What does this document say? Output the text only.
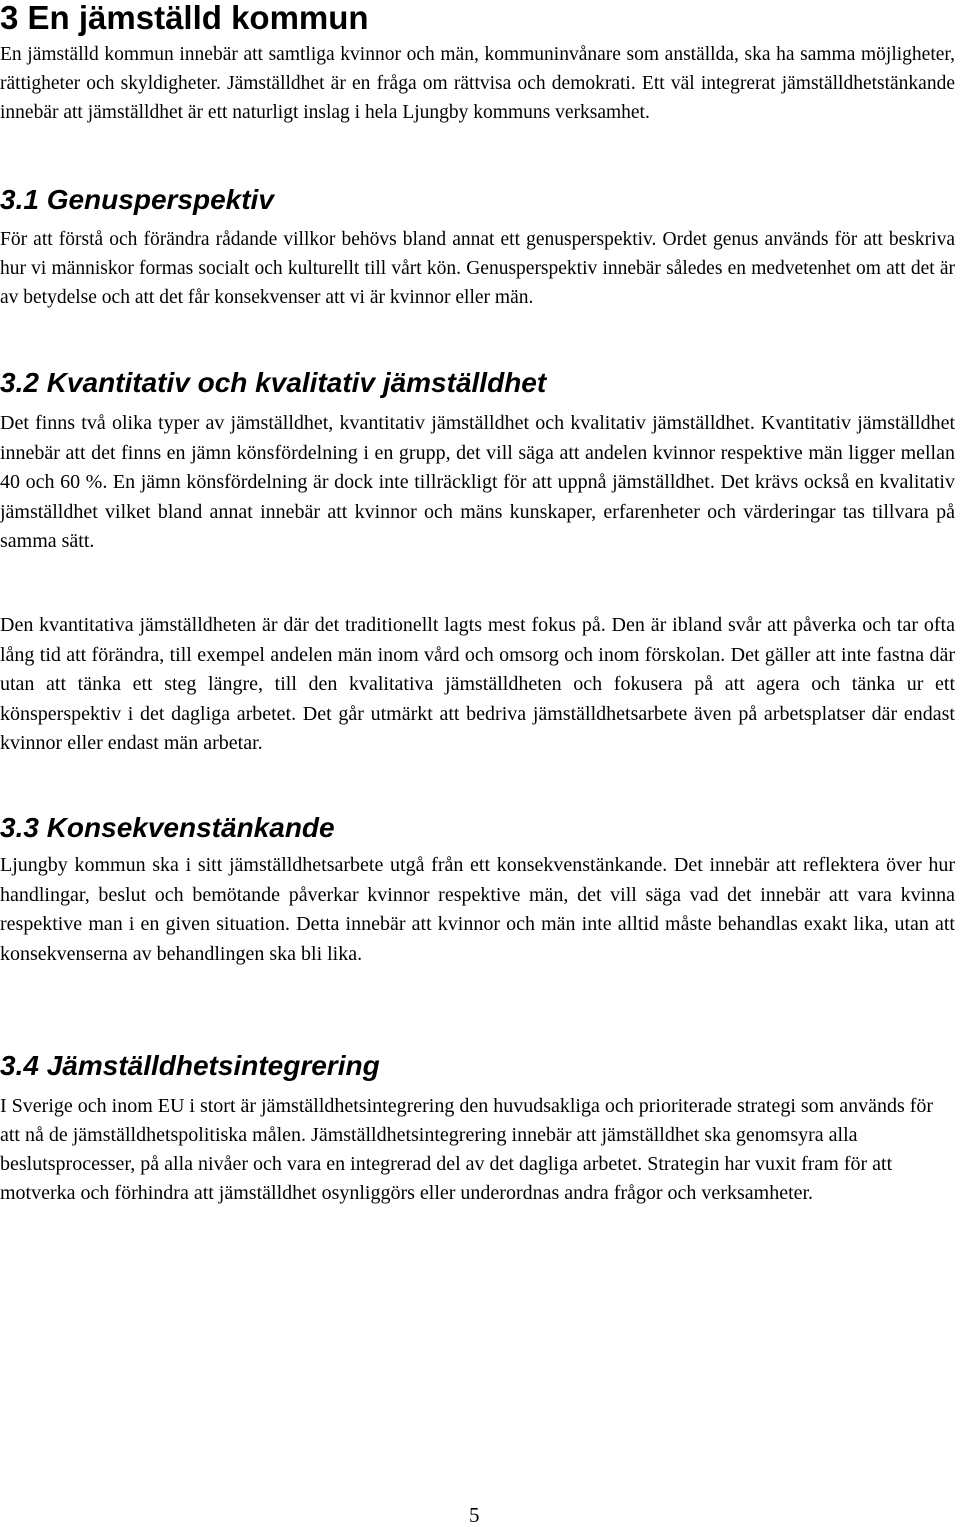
3 En jämställd kommun

En jämställd kommun innebär att samtliga kvinnor och män, kommuninvånare som anställda, ska ha samma möjligheter, rättigheter och skyldigheter. Jämställdhet är en fråga om rättvisa och demokrati. Ett väl integrerat jämställdhetstänkande innebär att jämställdhet är ett naturligt inslag i hela Ljungby kommuns verksamhet.

3.1 Genusperspektiv

För att förstå och förändra rådande villkor behövs bland annat ett genusperspektiv. Ordet genus används för att beskriva hur vi människor formas socialt och kulturellt till vårt kön. Genusperspektiv innebär således en medvetenhet om att det är av betydelse och att det får konsekvenser att vi är kvinnor eller män.

3.2 Kvantitativ och kvalitativ jämställdhet

Det finns två olika typer av jämställdhet, kvantitativ jämställdhet och kvalitativ jämställdhet. Kvantitativ jämställdhet innebär att det finns en jämn könsfördelning i en grupp, det vill säga att andelen kvinnor respektive män ligger mellan 40 och 60 %. En jämn könsfördelning är dock inte tillräckligt för att uppnå jämställdhet. Det krävs också en kvalitativ jämställdhet vilket bland annat innebär att kvinnor och mäns kunskaper, erfarenheter och värderingar tas tillvara på samma sätt.

Den kvantitativa jämställdheten är där det traditionellt lagts mest fokus på. Den är ibland svår att påverka och tar ofta lång tid att förändra, till exempel andelen män inom vård och omsorg och inom förskolan. Det gäller att inte fastna där utan att tänka ett steg längre, till den kvalitativa jämställdheten och fokusera på att agera och tänka ur ett könsperspektiv i det dagliga arbetet. Det går utmärkt att bedriva jämställdhetsarbete även på arbetsplatser där endast kvinnor eller endast män arbetar.

3.3 Konsekvenstänkande

Ljungby kommun ska i sitt jämställdhetsarbete utgå från ett konsekvenstänkande. Det innebär att reflektera över hur handlingar, beslut och bemötande påverkar kvinnor respektive män, det vill säga vad det innebär att vara kvinna respektive man i en given situation. Detta innebär att kvinnor och män inte alltid måste behandlas exakt lika, utan att konsekvenserna av behandlingen ska bli lika.

3.4 Jämställdhetsintegrering

I Sverige och inom EU i stort är jämställdhetsintegrering den huvudsakliga och prioriterade strategi som används för att nå de jämställdhetspolitiska målen. Jämställdhetsintegrering innebär att jämställdhet ska genomsyra alla beslutsprocesser, på alla nivåer och vara en integrerad del av det dagliga arbetet. Strategin har vuxit fram för att motverka och förhindra att jämställdhet osynliggörs eller underordnas andra frågor och verksamheter.

5
